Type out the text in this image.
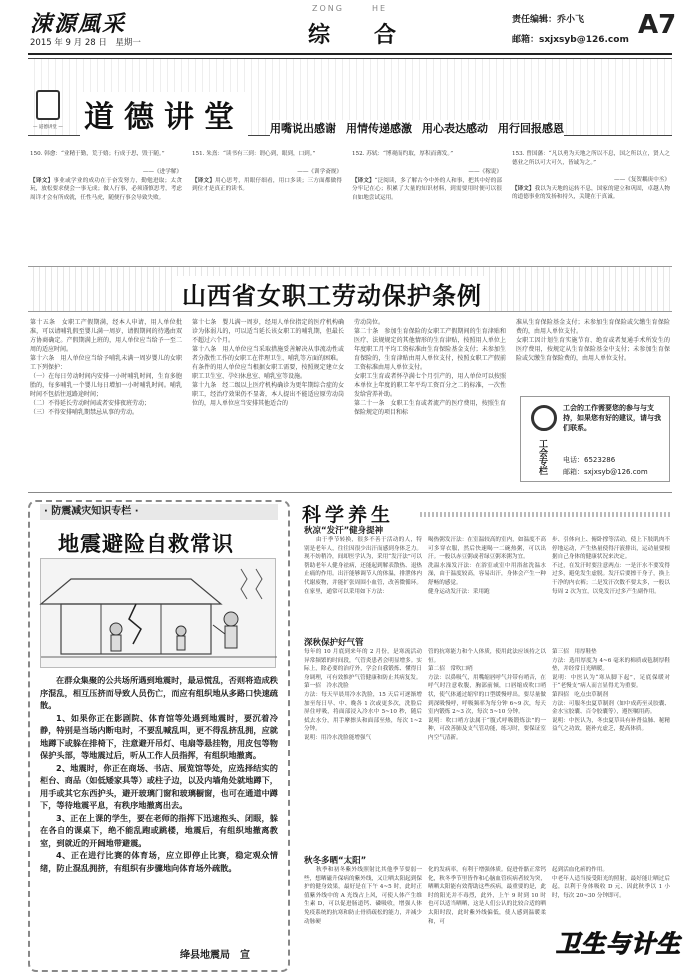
涑源風采
2015 年 9 月 28 日　星期一
ZONG	HE
综　　合
责任编辑：乔小飞
邮箱：sxjxsyb@126.com A7
— 道德讲堂 — 道德讲堂	用嘴说出感谢 用情传递感激 用心表达感动 用行回报感恩
150. 韩愈：“业精于勤，荒于嬉；行成于思，毁于随。”
——《进学解》
【译文】事业或学业的成功在于奋发努力，勤勉进取；太贪玩，放松要求便会一事无成；做人行事，必须谨慎思考，考虑周详才会有所成就，任性马虎，随便行事会导致失败。
151. 朱熹：“读书有三到：谓心到，眼到，口到。”
——《训学斋规》
【译文】用心思考，用眼仔细看，用口多读；三方面都做得到位才是真正的读书。
152. 苏轼：“博观而约取，厚积而薄发。”
——《稼说》
【译文】“泛阅读，多了解古今中外的人和事，把其中好的部分牢记在心；积累了大量的知识材料，到需要用时便可以很自如地尝试运用。
153. 曾国藩：“凡以勇为天地之所以不息，国之所以立，贤人之德业之所以可大可久，皆诚为之。”
——《复贺耦庚中丞》
【译文】我以为天地的运转不息，国家的建立和巩固，卓越人物的道德事业的发扬和持久，关键在于真诚。
山西省女职工劳动保护条例
第十五条　女职工产假期满，经本人申请，用人单位批准，可以请哺乳假至婴儿满一周岁，请假期间的待遇由双方协商确定。产假期满上班的，用人单位应当给予一至二周的适应时间。
第十六条　用人单位应当给予哺乳未满一周岁婴儿的女职工下列保护：
（一）在每日劳动时间内安排一小时哺乳时间，生育多胞胎的，每多哺乳一个婴儿每日增加一小时哺乳时间。哺乳时间不包括往返路途时间；
（二）不得延长劳动时间或者安排夜班劳动；
（三）不得安排哺乳期禁忌从事的劳动。
第十七条　婴儿满一周岁，经用人单位指定的医疗机构确诊为体弱儿的，可以适当延长该女职工的哺乳期，但最长不超过六个月。
第十八条　用人单位应当采取措施妥善解决从事流动性或者分散性工作的女职工在伴理卫生、哺乳等方面的困难。
有条件的用人单位应当根据女职工需要，按照规定建立女职工卫生室、孕妇休息室、哺乳室等设施。
第十九条　经二级以上医疗机构确诊为更年期综合症的女职工，经治疗效果仍不显著，本人提出不能适应原劳动岗位的，用人单位应当安排其他适合的
劳动岗位。
第二十条　参加生育保险的女职工产假期间的生育津贴和医疗、法规规定的其他情形的生育津贴，按照用人单位上年度职工月平均工资标准由生育保险基金支付；未参加生育保险的，生育津贴由用人单位支付，按照女职工产假前工资标准由用人单位支付。
女职工生育或者怀孕满七个月引产的，用人单位可以按照本单位上年度的职工年平均工资百分之二的标准，一次性发给营养补助。
第二十一条　女职工生育或者流产的医疗费用，按照生育保险规定的项目和标
准从生育保险基金支付；未参加生育保险或欠缴生育保险费的，由用人单位支付。
女职工因计划生育实施节育、绝育或者复通手术所发生的医疗费用，按规定从生育保险基金中支付；未参加生育保险或欠缴生育保险费的，由用人单位支付。
工会专栏
工会的工作需要您的参与与支持，如果您有好的建议，请与我们联系。
电话：6523286
邮箱：sxjxsyb@126.com
· 防震减灾知识专栏 ·
地震避险自救常识

在群众集聚的公共场所遇到地震时，最忌慌乱，否则将造成秩序混乱，相互压挤而导致人员伤亡，而应有组织地从多路口快速疏散。

1、如果你正在影剧院、体育馆等处遇到地震时，要沉着冷静，特别是当场内断电时，不要乱喊乱叫，更不得乱挤乱拥，应就地蹲下或躲在排椅下，注意避开吊灯、电扇等悬挂物，用皮包等物保护头部，等地震过后，听从工作人员指挥，有组织地撤离。

2、地震时，你正在商场、书店、展览馆等处，应选择结实的柜台、商品（如低矮家具等）或柱子边，以及内墙角处就地蹲下，用手或其它东西护头，避开玻璃门窗和玻璃橱窗，也可在通道中蹲下，等待地震平息，有秩序地撤离出去。

3、正在上课的学生，要在老师的指挥下迅速抱头、闭眼，躲在各自的课桌下，绝不能乱跑或跳楼，地震后，有组织地撤离教室，到就近的开阔地带避震。

4、正在进行比赛的体育场，应立即停止比赛，稳定观众情绪，防止混乱拥挤，有组织有步骤地向体育场外疏散。

绛县地震局　宣
科学养生
秋凉“发汗”健身提神
由于季节转换，很多不善于活动的人，特别是老年人，往往因很少出汗而感到身体乏力。现不妨稍冷，间却医学认为，采用“发汗法”可以帮助老年人健身祛病，还能起到解表散热、退热止痛的作用。出汗能够调节人的体温，排泄体内代谢废物，并能扩张周围小血管，改善微循环。在家里，通常可以采用如下方法：
喝热粥发汗法：在室温较高的室内，如温度不高可多穿衣服，然后快速喝一二碗热粥，可以出汗。一般以赤豆粥或者绿豆粥米粥为宜。
洗温水澡发汗法：在浴室或室中用浴盆洗温水澡，由于温度较高，容易出汗，身体会产生一种舒畅的感觉。
健身运动发汗法：采用跑
步、引体向上、俯卧撑等活动，使上下肢肌肉不停地运动，产生热量使得汗液排出，运动量要根据自己身体的健康状况来决定。
不过，在发汗时要注意两点：一是汗水不要发得过多，避免发生虚脱。发汗后要擦干身子，换上干净的内衣裤；二是发汗次数不要太多，一般以每周 2 次为宜，以免发汗过多产生副作用。
深秋保护好气管
每年的 10 月底到来年的 2 月份，是寒流活动异常频繁的时间段，气管炎患者会明显增多。实际上，除必要的治疗外，学会自我锻炼、懂得日身调理，可有效推护气管健康和防止其病复发。
第一招　冷水洗脸
方法：每天早晨用冷水洗脸，15 天后可逐渐增加至每日早、中、晚各 1 次或更多次，洗脸后屏住呼吸，将面部浸入冷水中 5~10 秒，随后拭去水分，用手摩擦头和面部至热，每次 1~2 分钟。
说明：用冷水洗脸能增强气
管的抗寒能力和个人体质，使用此法应该持之以恒。
第二招　常吹口哨
方法：以鼻吸气，用嘴缩唇呼气并带有哨音，在呼气时注意收腹，胸部前倾，口唇缩成吹口哨状，使气体通过缩窄的口型缓慢呼出。要尽量做到深吸慢呼，呼吸频率为每分钟 6~9 次，每天室内锻炼 2~3 次，每次 5~10 分钟。
说明：吹口哨方法属于“腹式呼吸锻炼法”的一种，可改善肺及支气管功能，练习时，要保证室内空气清新。
第三招　用厚鞋垫
方法：选用厚度为 4~6 毫米的棉质或毡制厚鞋垫，并经常日光晒暖。
说明：中医认为“寒从脚下起”，足底保暖对于“老慢支”病人而言显得尤为重要。
第四招　吃点虫草制剂
方法：可服冬虫夏草制剂（如中成药至灵胶囊、金水宝胶囊、百令胶囊等），遵医嘱用药。
说明：中医认为，冬虫夏草具有补肾益肺、秘精益气之功效，能补充虚乏，提高体质。
秋冬多晒“太阳”
秋季和初冬紫外线照射比其他季节要弱一些，想晒磁升保病的紫外线，又让晒太阳起到保护的健身效果，最好是在下午 4~5 时，此时正值紫外线中的 A 光线占上风，可使人体产生维生素 D，可以促进肠道钙、磷吸收，增强人体免疫系统的抗寒和防止骨质疏松的能力，并减少动脉硬
化的发病率，有利于增强体质。促进骨骼正常钙化，秋冬季节里皆作和心脑血管疾病者较为突，晒晒太阳能有效帮助这些疾病，最重要的是，此时的阳光并不毒烈，此外，上午 9 时到 10 时也可以适当晒晒，这是人们公认的比较合适的晒太阳时段，此时紫外线偏低，使人感到温暖柔和，可
起到活血化瘀的作用。
中老年人适当接受阳光的照射，最好能让晒过后起，以利于身体吸收 D 元、因此秋季以 1 小时，每次 20~30 分钟即可。
卫生与计生
